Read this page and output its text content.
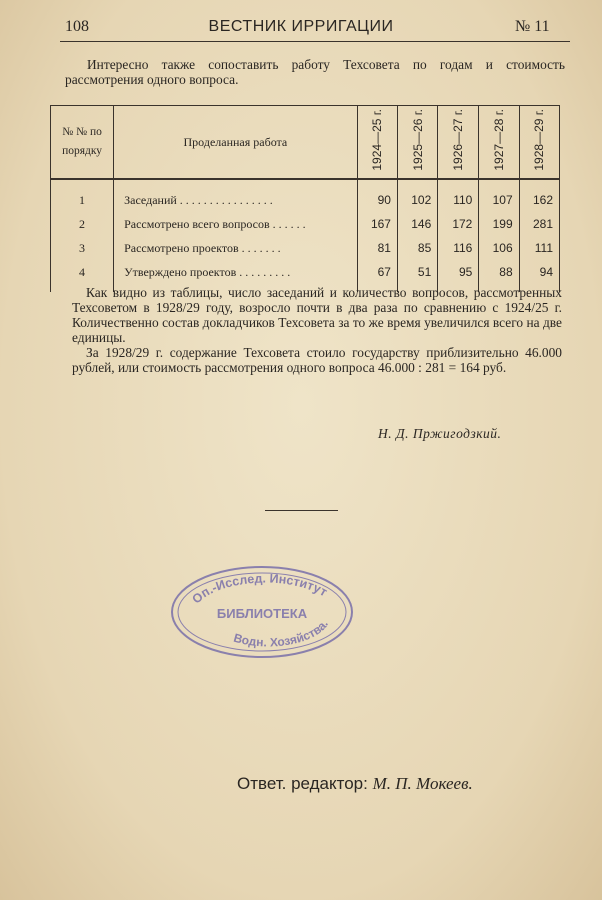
108	ВЕСТНИК ИРРИГАЦИИ	№ 11
Интересно также сопоставить работу Техсовета по годам и стоимость рассмотрения одного вопроса.
№ № по порядку	Проделанная работа	1924—25 г.	1925—26 г.	1926—27 г.	1927—28 г.	1928—29 г.
1	Заседаний . . . . . . . . . . . . . . . .	90	102	110	107	162
2	Рассмотрено всего вопросов . . . . . .	167	146	172	199	281
3	Рассмотрено проектов . . . . . . .	81	85	116	106	111
4	Утверждено проектов . . . . . . . . .	67	51	95	88	94
Как видно из таблицы, число заседаний и количество вопросов, рассмотренных Техсоветом в 1928/29 году, возросло почти в два раза по сравнению с 1924/25 г. Количественно состав докладчиков Техсовета за то же время увеличился всего на две единицы.
За 1928/29 г. содержание Техсовета стоило государству приблизительно 46.000 рублей, или стоимость рассмотрения одного вопроса 46.000 : 281 = 164 руб.
Н. Д. Пржигодзкий.
Оп.-Исслед. Институт
БИБЛИОТЕКА
Водн. Хозяйства.
Ответ. редактор: М. П. Мокеев.
